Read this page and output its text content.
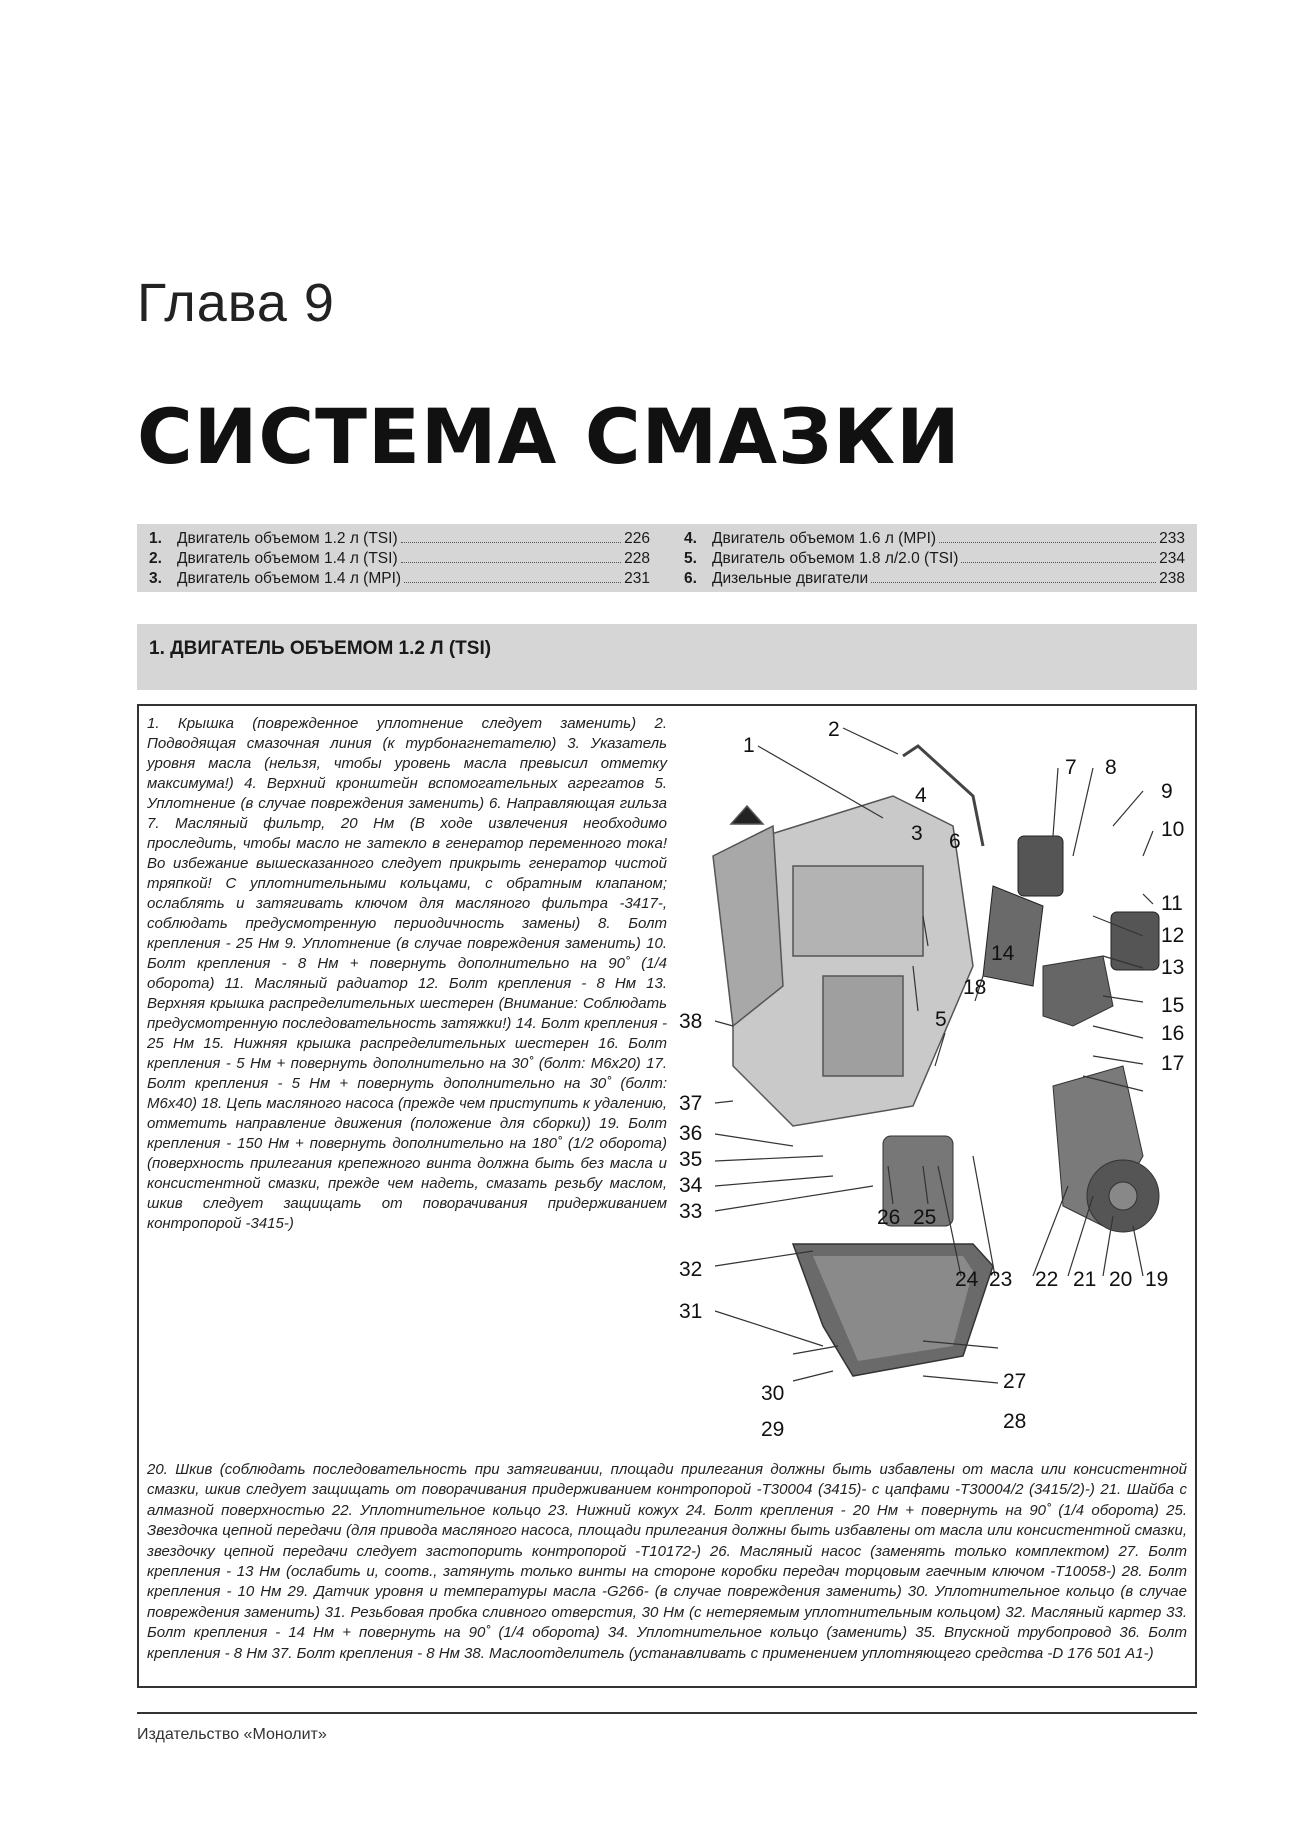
Глава 9
СИСТЕМА СМАЗКИ
1. Двигатель объемом 1.2 л (TSI)	226
2. Двигатель объемом 1.4 л (TSI)	228
3. Двигатель объемом 1.4 л (MPI)	231
4. Двигатель объемом 1.6 л (MPI)	233
5. Двигатель объемом 1.8 л/2.0 (TSI)	234
6. Дизельные двигатели	238
1. ДВИГАТЕЛЬ ОБЪЕМОМ 1.2 Л (TSI)
1. Крышка (поврежденное уплотнение следует заменить) 2. Подводящая смазочная линия (к турбонагнетателю) 3. Указатель уровня масла (нельзя, чтобы уровень масла превысил отметку максимума!) 4. Верхний кронштейн вспомогательных агрегатов 5. Уплотнение (в случае повреждения заменить) 6. Направляющая гильза 7. Масляный фильтр, 20 Нм (В ходе извлечения необходимо проследить, чтобы масло не затекло в генератор переменного тока! Во избежание вышесказанного следует прикрыть генератор чистой тряпкой! С уплотнительными кольцами, с обратным клапаном; ослаблять и затягивать ключом для масляного фильтра -3417-, соблюдать предусмотренную периодичность замены) 8. Болт крепления - 25 Нм 9. Уплотнение (в случае повреждения заменить) 10. Болт крепления - 8 Нм + повернуть дополнительно на 90˚ (1/4 оборота) 11. Масляный радиатор 12. Болт крепления - 8 Нм 13. Верхняя крышка распределительных шестерен (Внимание: Соблюдать предусмотренную последовательность затяжки!) 14. Болт крепления - 25 Нм 15. Нижняя крышка распределительных шестерен 16. Болт крепления - 5 Нм + повернуть дополнительно на 30˚ (болт: М6х20) 17. Болт крепления - 5 Нм + повернуть дополнительно на 30˚ (болт: М6х40) 18. Цепь масляного насоса (прежде чем приступить к удалению, отметить направление движения (положение для сборки)) 19. Болт крепления - 150 Нм + повернуть дополнительно на 180˚ (1/2 оборота) (поверхность прилегания крепежного винта должна быть без масла и консистентной смазки, прежде чем надеть, смазать резьбу маслом, шкив следует защищать от поворачивания придерживанием контропорой -3415-)
1
2
3
4
5
6
7 8
9
10
11
12
13
14
15
16
17
18
19
20
21
22
23
24
25
26
27
28
29
30
31
32
33
34
35
36
37
38
20. Шкив (соблюдать последовательность при затягивании, площади прилегания должны быть избавлены от масла или консистентной смазки, шкив следует защищать от поворачивания придерживанием контропорой -Т30004 (3415)- с цапфами -Т30004/2 (3415/2)-) 21. Шайба с алмазной поверхностью 22. Уплотнительное кольцо 23. Нижний кожух 24. Болт крепления - 20 Нм + повернуть на 90˚ (1/4 оборота) 25. Звездочка цепной передачи (для привода масляного насоса, площади прилегания должны быть избавлены от масла или консистентной смазки, звездочку цепной передачи следует застопорить контропорой -Т10172-) 26. Масляный насос (заменять только комплектом) 27. Болт крепления - 13 Нм (ослабить и, соотв., затянуть только винты на стороне коробки передач торцовым гаечным ключом -Т10058-) 28. Болт крепления - 10 Нм 29. Датчик уровня и температуры масла -G266- (в случае повреждения заменить) 30. Уплотнительное кольцо (в случае повреждения заменить) 31. Резьбовая пробка сливного отверстия, 30 Нм (с нетеряемым уплотнительным кольцом) 32. Масляный картер 33. Болт крепления - 14 Нм + повернуть на 90˚ (1/4 оборота) 34. Уплотнительное кольцо (заменить) 35. Впускной трубопровод 36. Болт крепления - 8 Нм 37. Болт крепления - 8 Нм 38. Маслоотделитель (устанавливать с применением уплотняющего средства -D 176 501 A1-)
Издательство «Монолит»
